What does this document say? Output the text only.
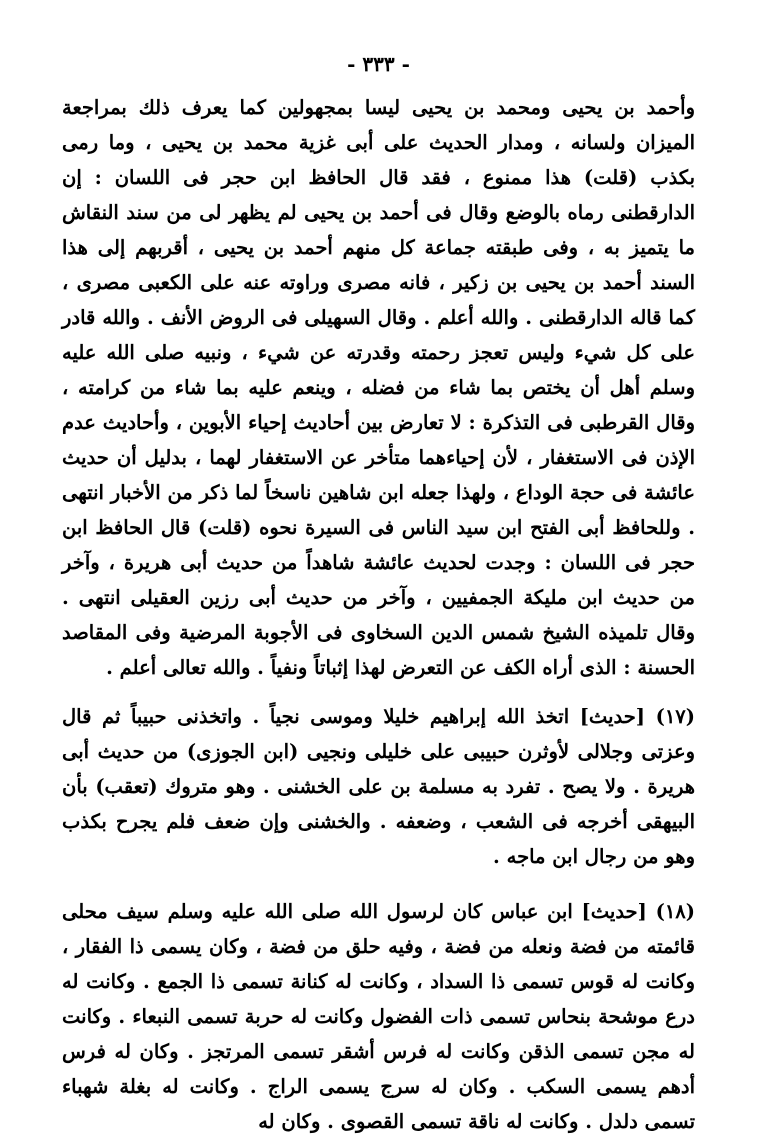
- ٣٣٣ -

وأحمد بن يحيى ومحمد بن يحيى ليسا بمجهولين كما يعرف ذلك بمراجعة الميزان ولسانه ، ومدار الحديث على أبى غزية محمد بن يحيى ، وما رمى بكذب (قلت) هذا ممنوع ، فقد قال الحافظ ابن حجر فى اللسان : إن الدارقطنى رماه بالوضع وقال فى أحمد بن يحيى لم يظهر لى من سند النقاش ما يتميز به ، وفى طبقته جماعة كل منهم أحمد بن يحيى ، أقربهم إلى هذا السند أحمد بن يحيى بن زكير ، فانه مصرى وراوته عنه على الكعبى مصرى ، كما قاله الدارقطنى . والله أعلم . وقال السهيلى فى الروض الأنف . والله قادر على كل شيء وليس تعجز رحمته وقدرته عن شيء ، ونبيه صلى الله عليه وسلم أهل أن يختص بما شاء من فضله ، وينعم عليه بما شاء من كرامته ، وقال القرطبى فى التذكرة : لا تعارض بين أحاديث إحياء الأبوين ، وأحاديث عدم الإذن فى الاستغفار ، لأن إحياءهما متأخر عن الاستغفار لهما ، بدليل أن حديث عائشة فى حجة الوداع ، ولهذا جعله ابن شاهين ناسخاً لما ذكر من الأخبار انتهى . وللحافظ أبى الفتح ابن سيد الناس فى السيرة نحوه (قلت) قال الحافظ ابن حجر فى اللسان : وجدت لحديث عائشة شاهداً من حديث أبى هريرة ، وآخر من حديث ابن مليكة الجمفيين ، وآخر من حديث أبى رزين العقيلى انتهى . وقال تلميذه الشيخ شمس الدين السخاوى فى الأجوبة المرضية وفى المقاصد الحسنة : الذى أراه الكف عن التعرض لهذا إثباتاً ونفياً . والله تعالى أعلم .

(١٧) [حديث] اتخذ الله إبراهيم خليلا وموسى نجياً . واتخذنى حبيباً ثم قال وعزتى وجلالى لأوثرن حبيبى على خليلى ونجيى (ابن الجوزى) من حديث أبى هريرة . ولا يصح . تفرد به مسلمة بن على الخشنى . وهو متروك (تعقب) بأن البيهقى أخرجه فى الشعب ، وضعفه . والخشنى وإن ضعف فلم يجرح بكذب وهو من رجال ابن ماجه .

(١٨) [حديث] ابن عباس كان لرسول الله صلى الله عليه وسلم سيف محلى قائمته من فضة ونعله من فضة ، وفيه حلق من فضة ، وكان يسمى ذا الفقار ، وكانت له قوس تسمى ذا السداد ، وكانت له كنانة تسمى ذا الجمع . وكانت له درع موشحة بنحاس تسمى ذات الفضول وكانت له حربة تسمى النبعاء . وكانت له مجن تسمى الذقن وكانت له فرس أشقر تسمى المرتجز . وكان له فرس أدهم يسمى السكب . وكان له سرج يسمى الراج . وكانت له بغلة شهباء تسمى دلدل . وكانت له ناقة تسمى القصوى . وكان له
